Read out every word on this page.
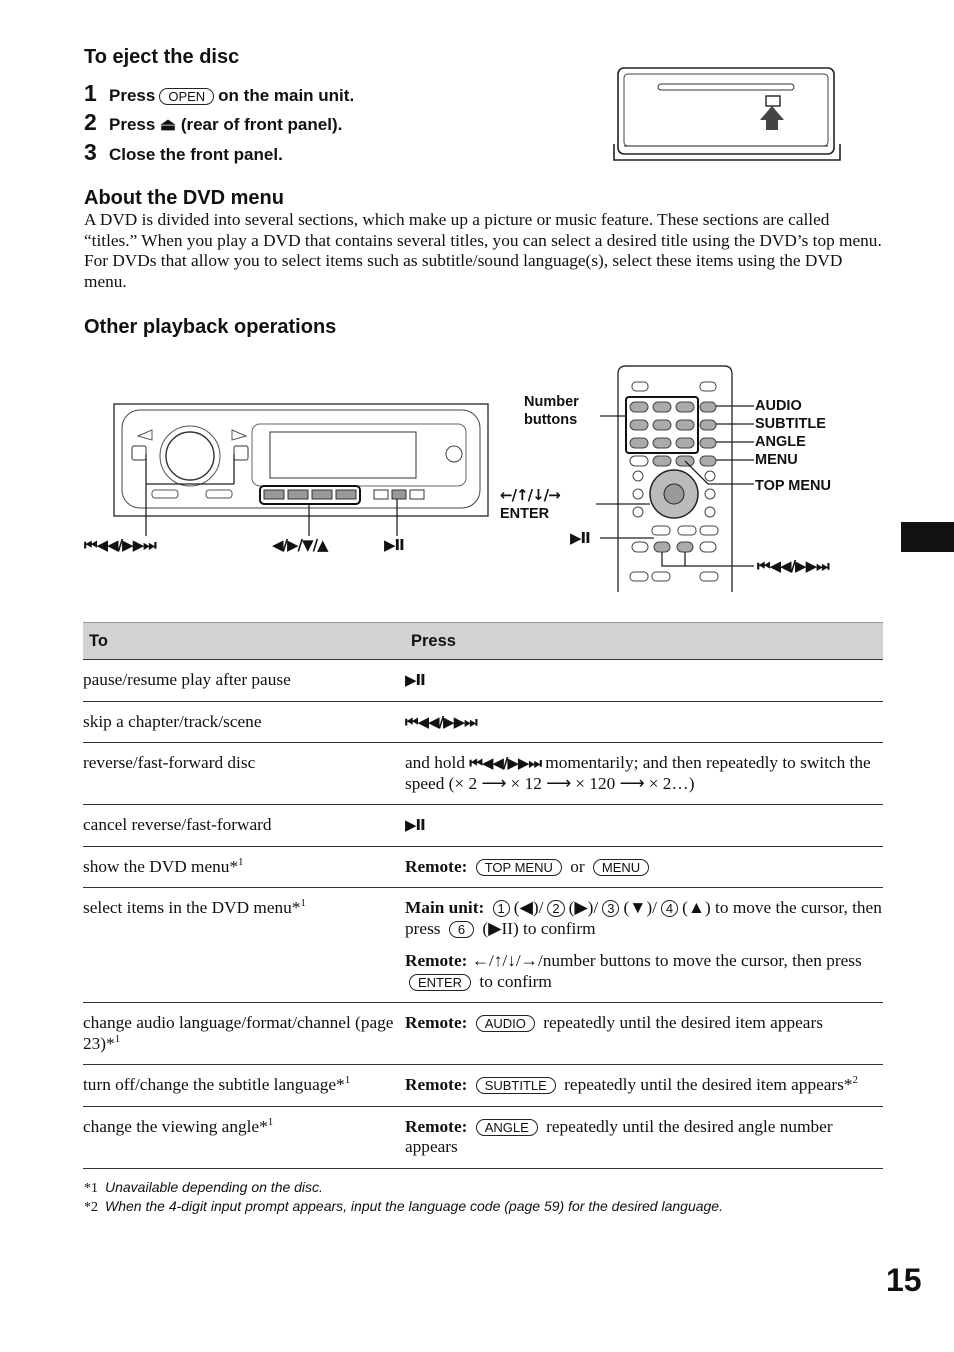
To eject the disc
1 Press	OPEN on the main unit.
2 Press ⏏ (rear of front panel).
3 Close the front panel.
About the DVD menu

A DVD is divided into several sections, which make up a picture or music feature. These sections are called “titles.” When you play a DVD that contains several titles, you can select a desired title using the DVD’s top menu. For DVDs that allow you to select items such as subtitle/sound language(s), select these items using the DVD menu.

Other playback operations
⏮◀◀/▶▶⏭	◀/▶/▼/▲	▶II
Number buttons
AUDIO
SUBTITLE
ANGLE
MENU
TOP MENU
←/↑/↓/→
ENTER
▶II
⏮◀◀/▶▶⏭
To	Press
pause/resume play after pause	▶II
skip a chapter/track/scene	⏮◀◀/▶▶⏭
reverse/fast-forward disc	and hold ⏮◀◀/▶▶⏭ momentarily; and then repeatedly to switch the speed (× 2 ⟶ × 12 ⟶ × 120 ⟶ × 2…)
cancel reverse/fast-forward	▶II
show the DVD menu*$^1$	Remote: TOP MENU or MENU
select items in the DVD menu*$^1$	Main unit: 1 (◀)/ 2 (▶)/ 3 (▼)/ 4 (▲) to move the cursor, then press 6 (▶II) to confirm

Remote: ←/↑/↓/→/number buttons to move the cursor, then press ENTER to confirm

change audio language/format/channel (page 23)*$^1$	Remote: AUDIO repeatedly until the desired item appears
turn off/change the subtitle language*$^1$	Remote: SUBTITLE repeatedly until the desired item appears*$^2$
change the viewing angle*$^1$	Remote: ANGLE repeatedly until the desired angle number appears
*1 Unavailable depending on the disc.
*2 When the 4-digit input prompt appears, input the language code (page 59) for the desired language.
15
